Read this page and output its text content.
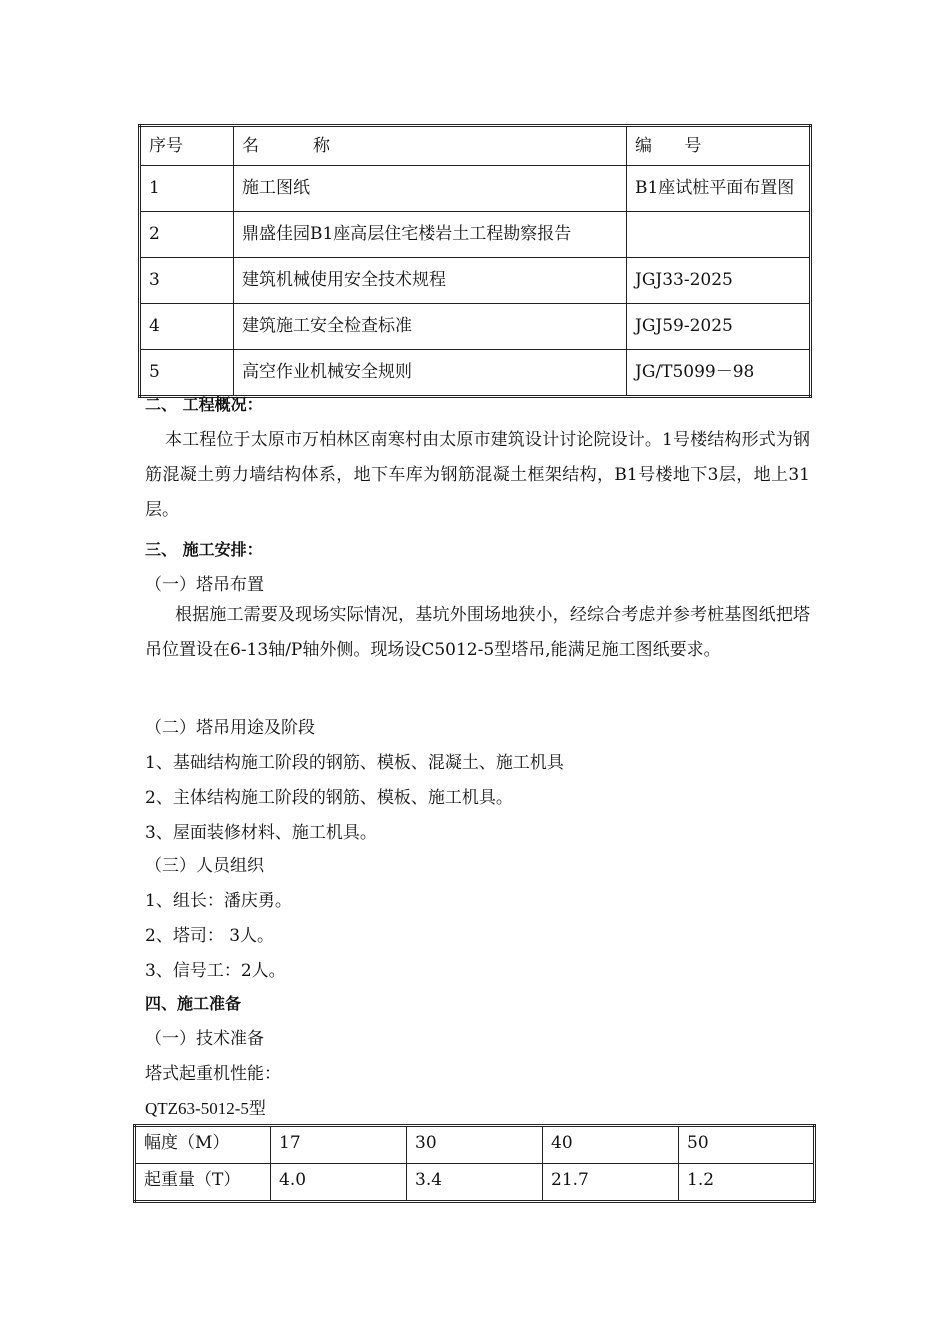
序号	名          称	编      号
1	施工图纸	B1座试桩平面布置图
2	鼎盛佳园B1座高层住宅楼岩土工程勘察报告	
3	建筑机械使用安全技术规程	JGJ33-2025
4	建筑施工安全检查标准	JGJ59-2025
5	高空作业机械安全规则	JG/T5099－98
二、 工程概况：
本工程位于太原市万柏林区南寒村由太原市建筑设计讨论院设计。1号楼结构形式为钢筋混凝土剪力墙结构体系，地下车库为钢筋混凝土框架结构，B1号楼地下3层，地上31层。
三、 施工安排：
（一）塔吊布置
根据施工需要及现场实际情况，基坑外围场地狭小，经综合考虑并参考桩基图纸把塔吊位置设在6-13轴/P轴外侧。现场设C5012-5型塔吊,能满足施工图纸要求。
（二）塔吊用途及阶段
1、基础结构施工阶段的钢筋、模板、混凝土、施工机具
2、主体结构施工阶段的钢筋、模板、施工机具。
3、屋面装修材料、施工机具。
（三）人员组织
1、组长：潘庆勇。
2、塔司： 3人。
3、信号工：2人。
四、施工准备
（一）技术准备
塔式起重机性能：
QTZ63-5012-5型
幅度（M）	17	30	40	50
起重量（T）	4.0	3.4	21.7	1.2
